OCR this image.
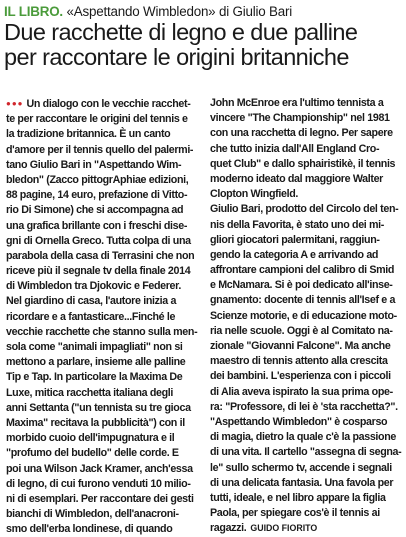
IL LIBRO. «Aspettando Wimbledon» di Giulio Bari
Due racchette di legno e due palline
per raccontare le origini britanniche
●●● Un dialogo con le vecchie racchet-
te per raccontare le origini del tennis e
la tradizione britannica. È un canto
d'amore per il tennis quello del palermi-
tano Giulio Bari in "Aspettando Wim-
bledon" (Zacco pittogrAphiae edizioni,
88 pagine, 14 euro, prefazione di Vitto-
rio Di Simone) che si accompagna ad
una grafica brillante con i freschi dise-
gni di Ornella Greco. Tutta colpa di una
parabola della casa di Terrasini che non
riceve più il segnale tv della finale 2014
di Wimbledon tra Djokovic e Federer.
Nel giardino di casa, l'autore inizia a
ricordare e a fantasticare...Finché le
vecchie racchette che stanno sulla men-
sola come "animali impagliati" non si
mettono a parlare, insieme alle palline
Tip e Tap. In particolare la Maxima De
Luxe, mitica racchetta italiana degli
anni Settanta ("un tennista su tre gioca
Maxima" recitava la pubblicità") con il
morbido cuoio dell'impugnatura e il
"profumo del budello" delle corde. E
poi una Wilson Jack Kramer, anch'essa
di legno, di cui furono venduti 10 milio-
ni di esemplari. Per raccontare dei gesti
bianchi di Wimbledon, dell'anacroni-
smo dell'erba londinese, di quando
John McEnroe era l'ultimo tennista a
vincere "The Championship" nel 1981
con una racchetta di legno. Per sapere
che tutto inizia dall'All England Cro-
quet Club" e dallo sphairistikè, il tennis
moderno ideato dal maggiore Walter
Clopton Wingfield.
Giulio Bari, prodotto del Circolo del ten-
nis della Favorita, è stato uno dei mi-
gliori giocatori palermitani, raggiun-
gendo la categoria A e arrivando ad
affrontare campioni del calibro di Smid
e McNamara. Si è poi dedicato all'inse-
gnamento: docente di tennis all'Isef e a
Scienze motorie, e di educazione moto-
ria nelle scuole. Oggi è al Comitato na-
zionale "Giovanni Falcone". Ma anche
maestro di tennis attento alla crescita
dei bambini. L'esperienza con i piccoli
di Alia aveva ispirato la sua prima ope-
ra: "Professore, di lei è 'sta racchetta?".
"Aspettando Wimbledon" è cosparso
di magia, dietro la quale c'è la passione
di una vita. Il cartello "assegna di segna-
le" sullo schermo tv, accende i segnali
di una delicata fantasia. Una favola per
tutti, ideale, e nel libro appare la figlia
Paola, per spiegare cos'è il tennis ai
ragazzi. GUIDO FIORITO
